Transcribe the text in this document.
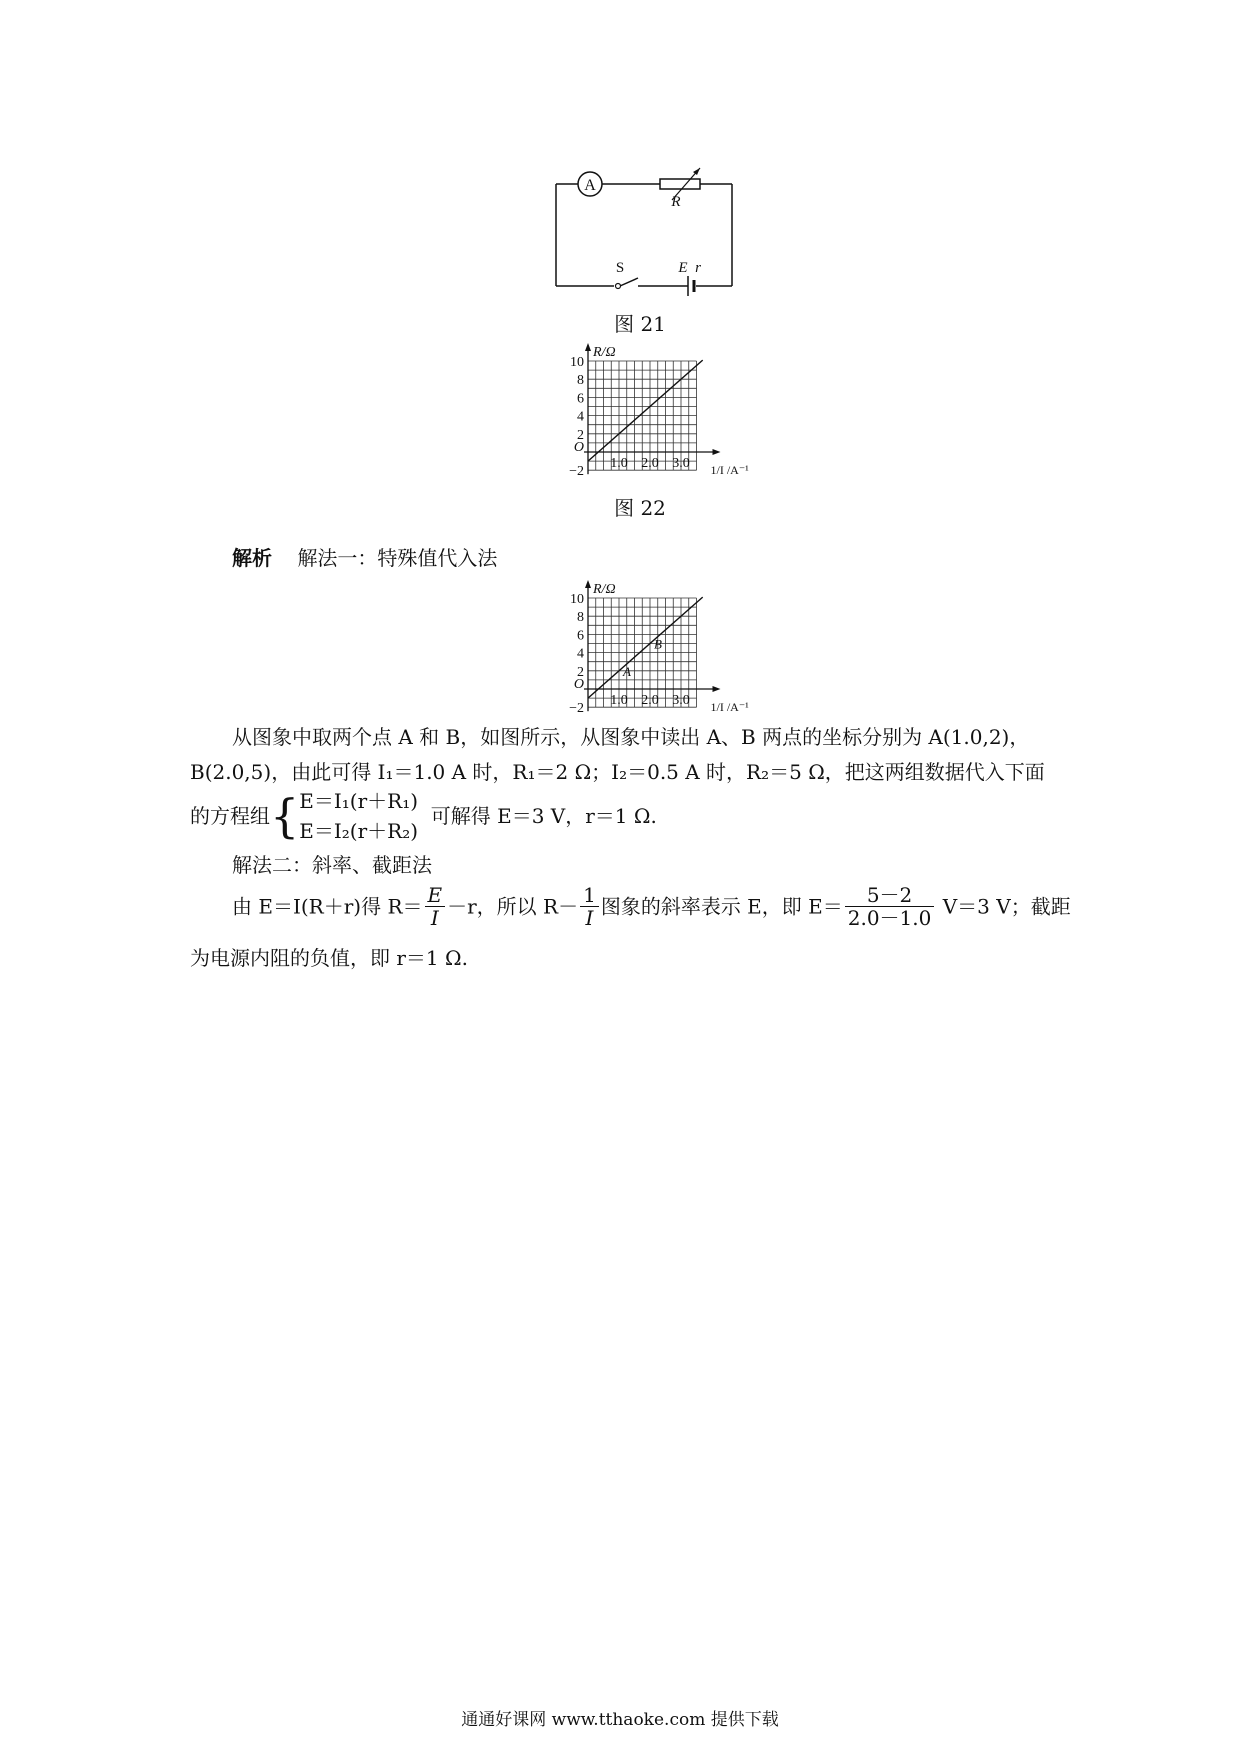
A
R
S	E r
图 21
10
8
6
4
2
−2
1.0 2.0 3.0
O
R/Ω
1/I /A⁻¹
图 22
解析 解法一：特殊值代入法
10
8
6
4
2
−2
1.0 2.0 3.0
O
R/Ω
1/I /A⁻¹
A
B
从图象中取两个点 A 和 B，如图所示，从图象中读出 A、B 两点的坐标分别为 A(1.0,2)，
B(2.0,5)，由此可得 I₁＝1.0 A 时，R₁＝2 Ω；I₂＝0.5 A 时，R₂＝5 Ω，把这两组数据代入下面
的方程组{ E＝I₁(r＋R₁)
E＝I₂(r＋R₂)
可解得 E＝3 V，r＝1 Ω.
解法二：斜率、截距法
由 E＝I(R＋r)得 $R= \frac{E}{I} -r$，所以 $R- \frac{1}{I}$ 图象的斜率表示 E，即 $E= \frac{5-2}{2.0-1.0} V=3$ V；截距
为电源内阻的负值，即 r＝1 Ω.
通通好课网 www.tthaoke.com 提供下载
